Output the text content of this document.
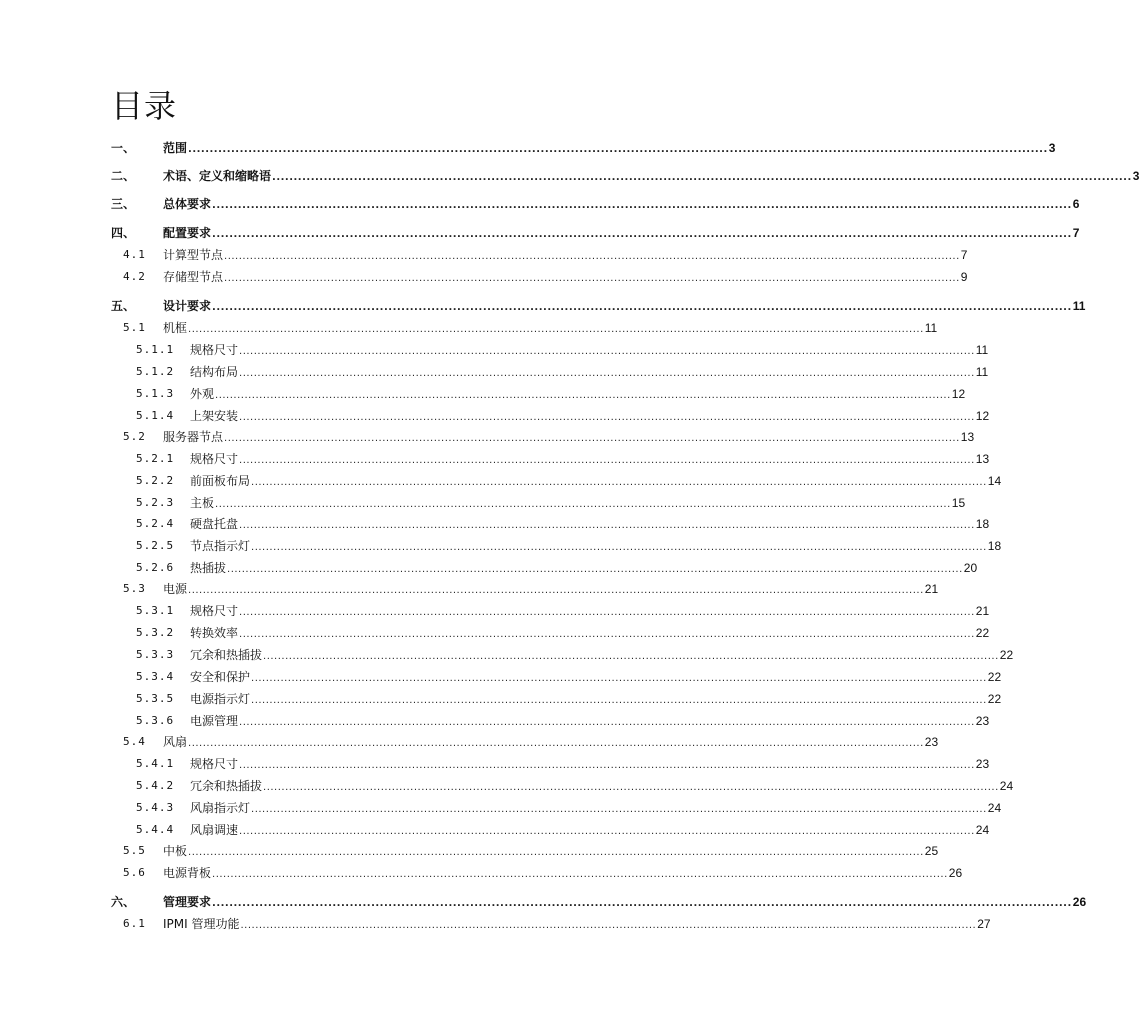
目录
一、 范围 ........................................................................................................................................................................................................ 3
二、 术语、定义和缩略语 ........................................................................................................................................................................................................ 3
三、 总体要求 ........................................................................................................................................................................................................ 6
四、 配置要求 ........................................................................................................................................................................................................ 7
4.1 计算型节点 ........................................................................................................................................................................................................ 7
4.2 存储型节点 ........................................................................................................................................................................................................ 9
五、 设计要求 ........................................................................................................................................................................................................ 11
5.1 机框 ........................................................................................................................................................................................................ 11
5.1.1 规格尺寸 ........................................................................................................................................................................................................ 11
5.1.2 结构布局 ........................................................................................................................................................................................................ 11
5.1.3 外观 ........................................................................................................................................................................................................ 12
5.1.4 上架安装 ........................................................................................................................................................................................................ 12
5.2 服务器节点 ........................................................................................................................................................................................................ 13
5.2.1 规格尺寸 ........................................................................................................................................................................................................ 13
5.2.2 前面板布局 ........................................................................................................................................................................................................ 14
5.2.3 主板 ........................................................................................................................................................................................................ 15
5.2.4 硬盘托盘 ........................................................................................................................................................................................................ 18
5.2.5 节点指示灯 ........................................................................................................................................................................................................ 18
5.2.6 热插拔 ........................................................................................................................................................................................................ 20
5.3 电源 ........................................................................................................................................................................................................ 21
5.3.1 规格尺寸 ........................................................................................................................................................................................................ 21
5.3.2 转换效率 ........................................................................................................................................................................................................ 22
5.3.3 冗余和热插拔 ........................................................................................................................................................................................................ 22
5.3.4 安全和保护 ........................................................................................................................................................................................................ 22
5.3.5 电源指示灯 ........................................................................................................................................................................................................ 22
5.3.6 电源管理 ........................................................................................................................................................................................................ 23
5.4 风扇 ........................................................................................................................................................................................................ 23
5.4.1 规格尺寸 ........................................................................................................................................................................................................ 23
5.4.2 冗余和热插拔 ........................................................................................................................................................................................................ 24
5.4.3 风扇指示灯 ........................................................................................................................................................................................................ 24
5.4.4 风扇调速 ........................................................................................................................................................................................................ 24
5.5 中板 ........................................................................................................................................................................................................ 25
5.6 电源背板 ........................................................................................................................................................................................................ 26
六、 管理要求 ........................................................................................................................................................................................................ 26
6.1 IPMI 管理功能 ........................................................................................................................................................................................................ 27
